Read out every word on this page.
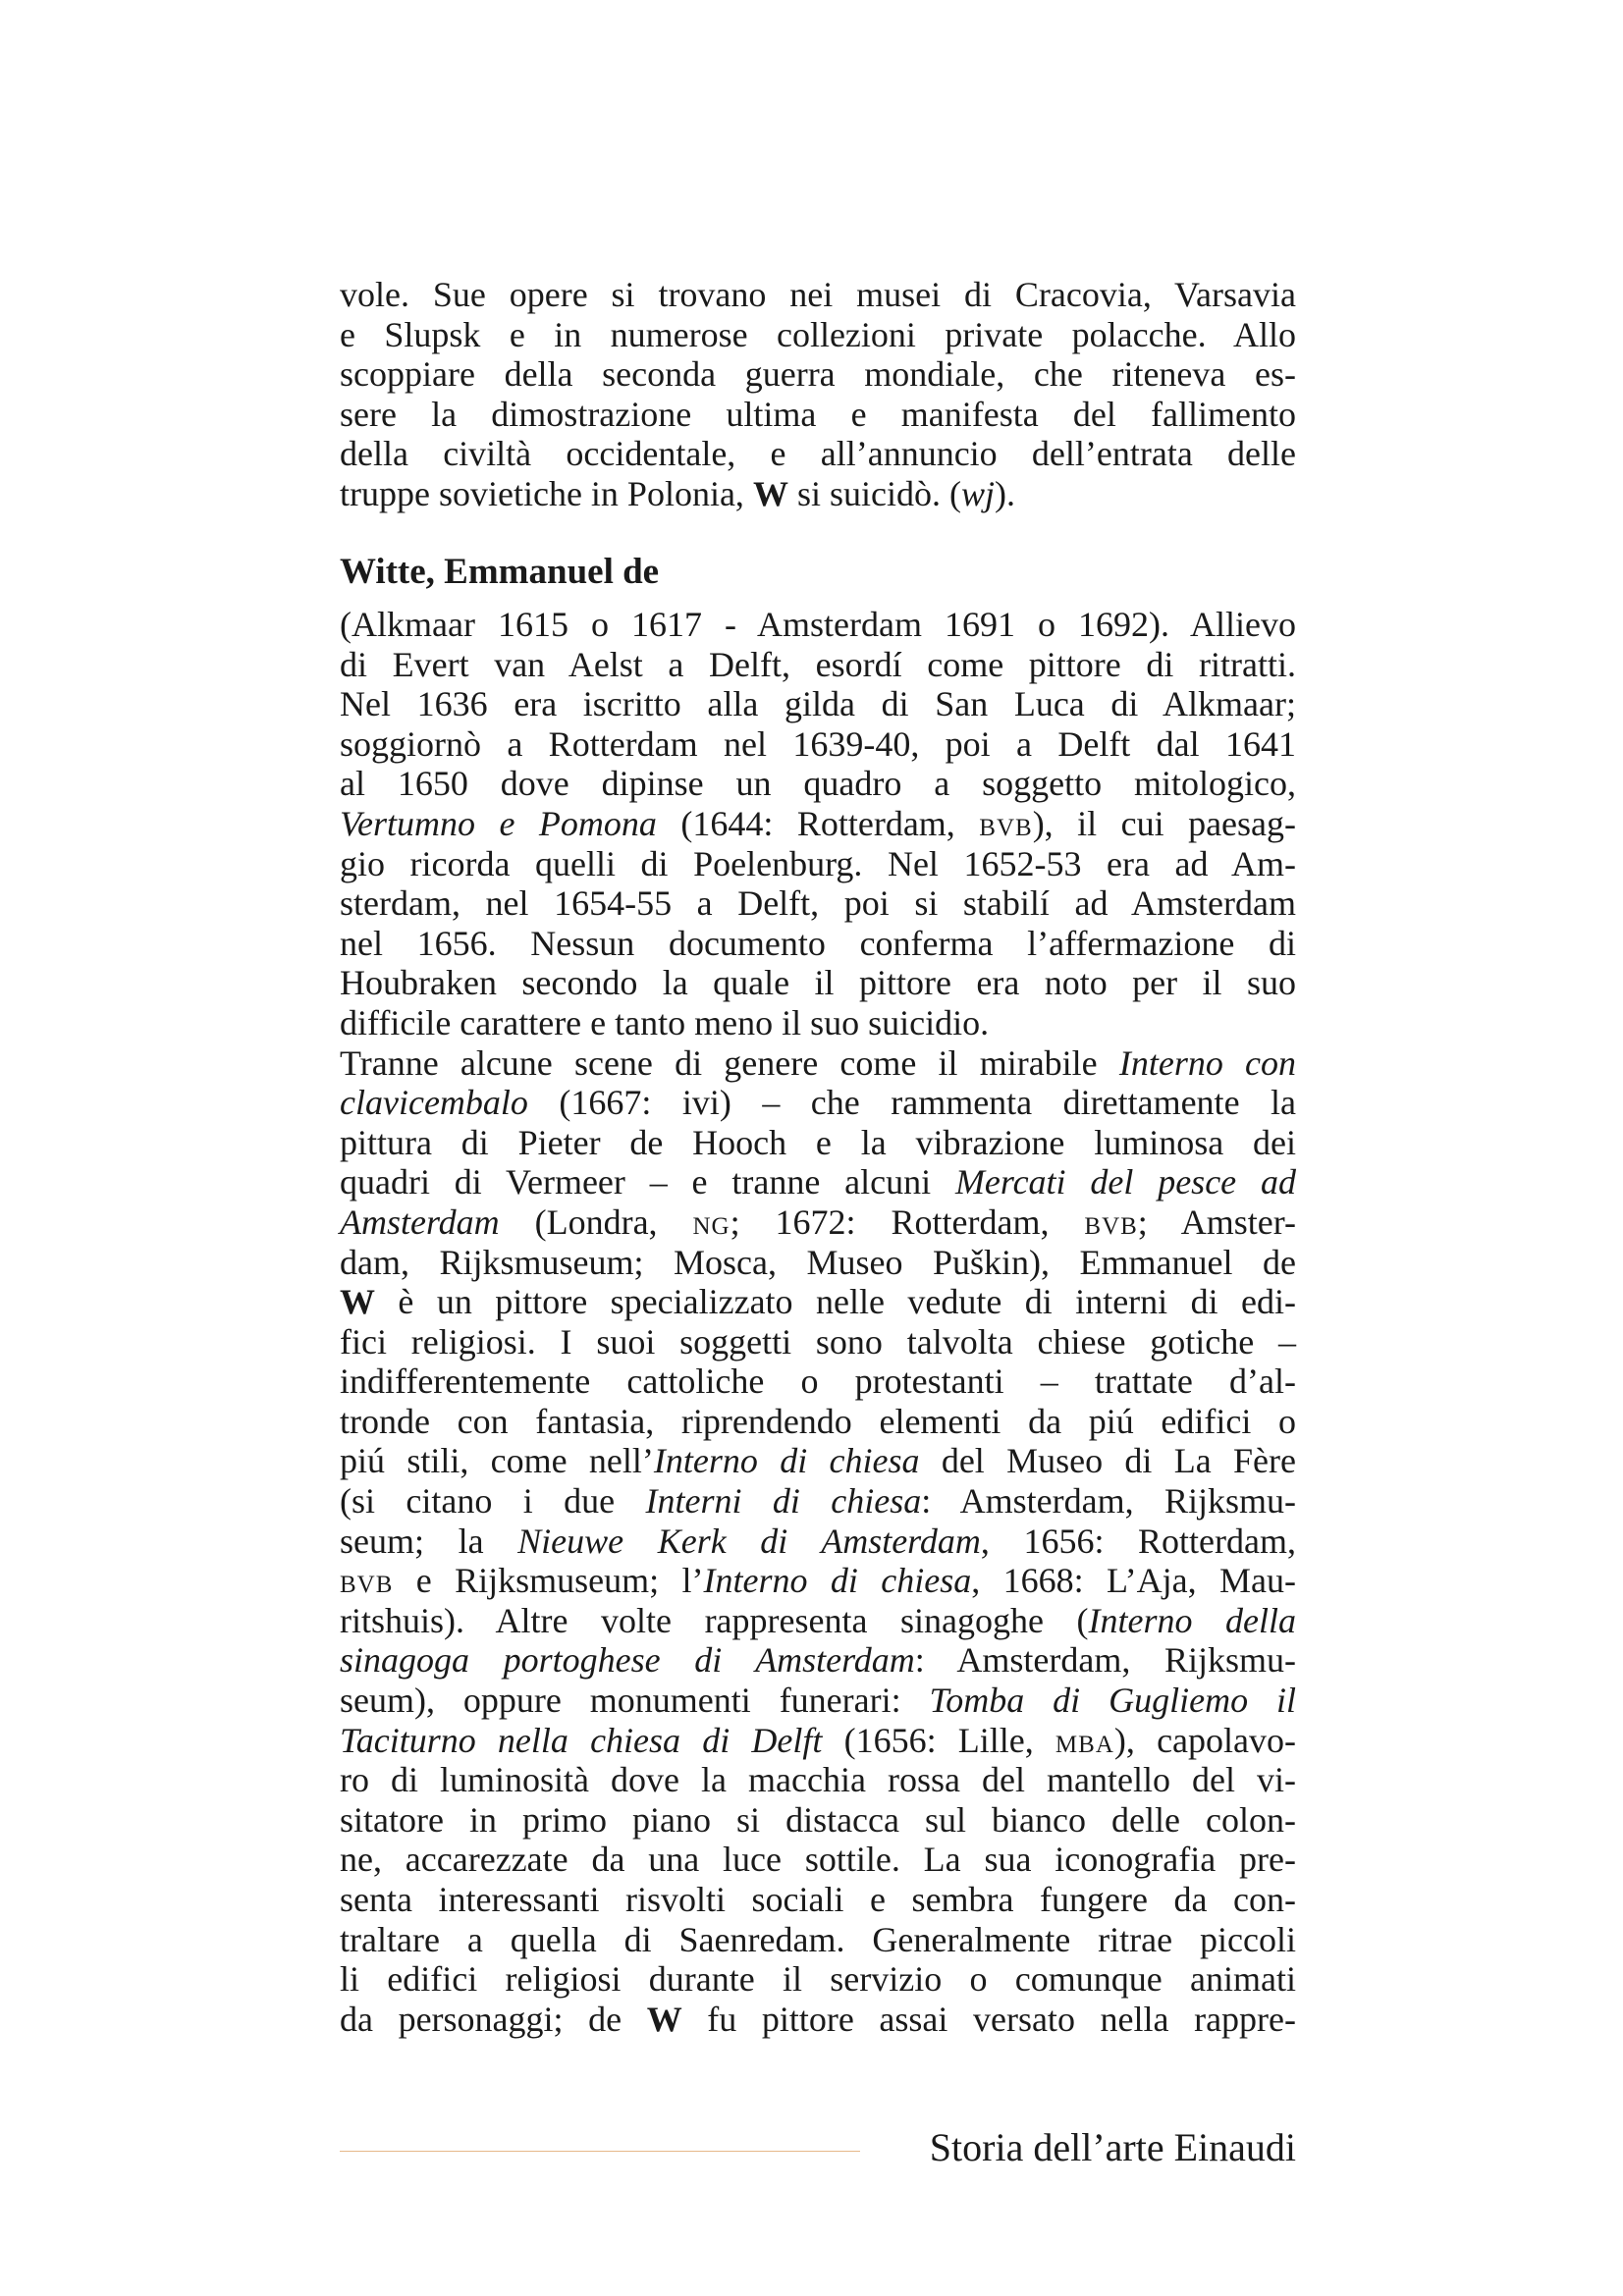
vole. Sue opere si trovano nei musei di Cracovia, Varsavia
e Slupsk e in numerose collezioni private polacche. Allo
scoppiare della seconda guerra mondiale, che riteneva es-
sere la dimostrazione ultima e manifesta del fallimento
della civiltà occidentale, e all’annuncio dell’entrata delle
truppe sovietiche in Polonia, W si suicidò. (wj).
Witte, Emmanuel de
(Alkmaar 1615 o 1617 - Amsterdam 1691 o 1692). Allievo
di Evert van Aelst a Delft, esordí come pittore di ritratti.
Nel 1636 era iscritto alla gilda di San Luca di Alkmaar;
soggiornò a Rotterdam nel 1639-40, poi a Delft dal 1641
al 1650 dove dipinse un quadro a soggetto mitologico,
Vertumno e Pomona (1644: Rotterdam, BVB), il cui paesag-
gio ricorda quelli di Poelenburg. Nel 1652-53 era ad Am-
sterdam, nel 1654-55 a Delft, poi si stabilí ad Amsterdam
nel 1656. Nessun documento conferma l’affermazione di
Houbraken secondo la quale il pittore era noto per il suo
difficile carattere e tanto meno il suo suicidio.
Tranne alcune scene di genere come il mirabile Interno con
clavicembalo (1667: ivi) – che rammenta direttamente la
pittura di Pieter de Hooch e la vibrazione luminosa dei
quadri di Vermeer – e tranne alcuni Mercati del pesce ad
Amsterdam (Londra, NG; 1672: Rotterdam, BVB; Amster-
dam, Rijksmuseum; Mosca, Museo Puškin), Emmanuel de
W è un pittore specializzato nelle vedute di interni di edi-
fici religiosi. I suoi soggetti sono talvolta chiese gotiche –
indifferentemente cattoliche o protestanti – trattate d’al-
tronde con fantasia, riprendendo elementi da piú edifici o
piú stili, come nell’Interno di chiesa del Museo di La Fère
(si citano i due Interni di chiesa: Amsterdam, Rijksmu-
seum; la Nieuwe Kerk di Amsterdam, 1656: Rotterdam,
BVB e Rijksmuseum; l’Interno di chiesa, 1668: L’Aja, Mau-
ritshuis). Altre volte rappresenta sinagoghe (Interno della
sinagoga portoghese di Amsterdam: Amsterdam, Rijksmu-
seum), oppure monumenti funerari: Tomba di Gugliemo il
Taciturno nella chiesa di Delft (1656: Lille, MBA), capolavo-
ro di luminosità dove la macchia rossa del mantello del vi-
sitatore in primo piano si distacca sul bianco delle colon-
ne, accarezzate da una luce sottile. La sua iconografia pre-
senta interessanti risvolti sociali e sembra fungere da con-
traltare a quella di Saenredam. Generalmente ritrae piccoli
li edifici religiosi durante il servizio o comunque animati
da personaggi; de W fu pittore assai versato nella rappre-
Storia dell’arte Einaudi
